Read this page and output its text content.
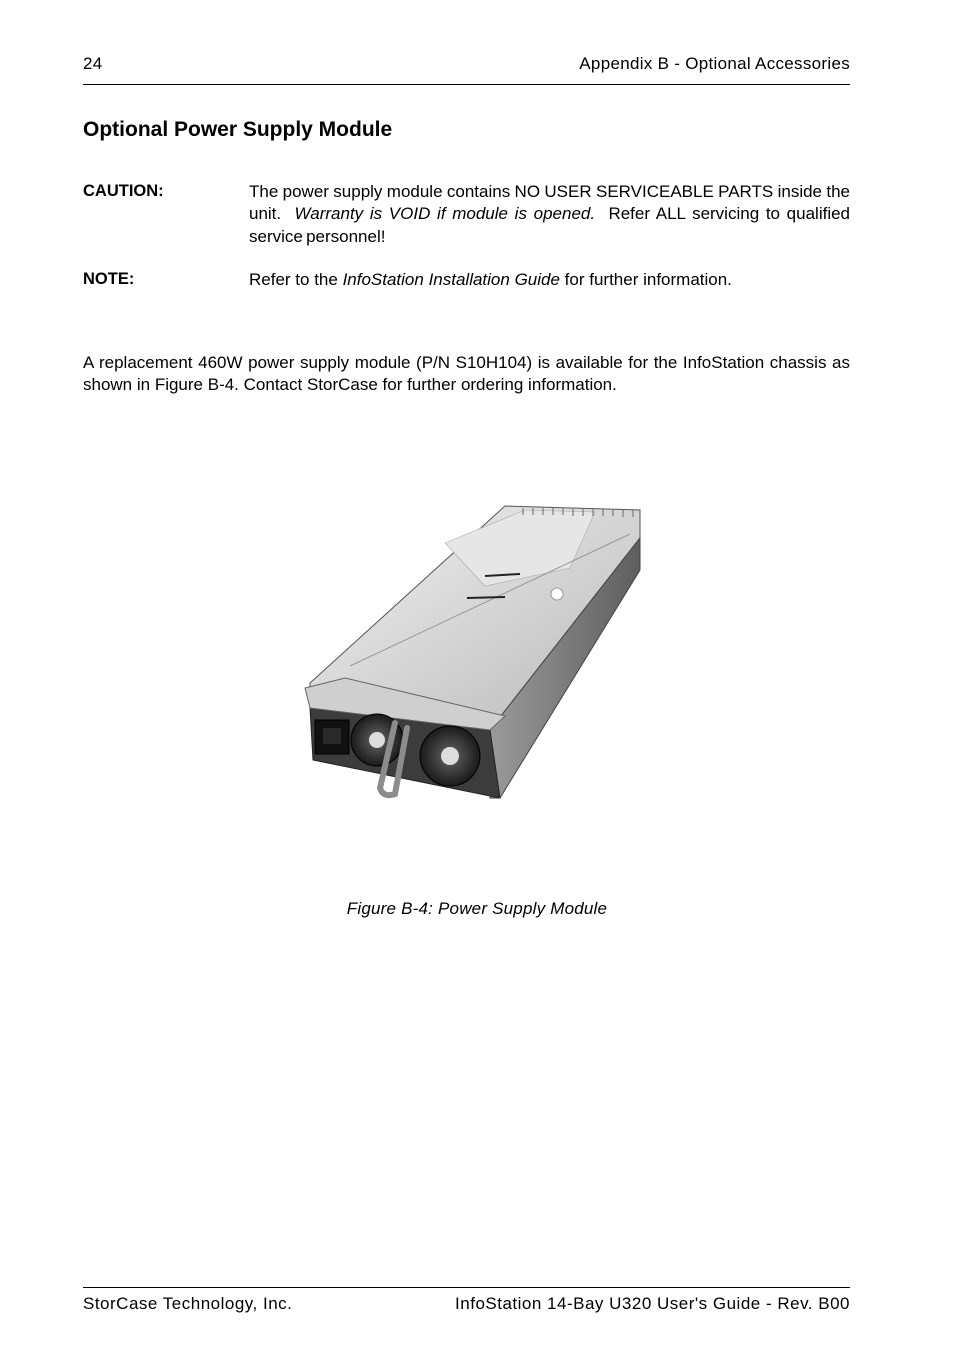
24	Appendix B - Optional Accessories
Optional Power Supply Module
CAUTION:	The power supply module contains NO USER SERVICEABLE PARTS inside the unit. Warranty is VOID if module is opened. Refer ALL servicing to qualified service personnel!
NOTE:	Refer to the InfoStation Installation Guide for further information.
A replacement 460W power supply module (P/N S10H104) is available for the InfoStation chassis as shown in Figure B-4. Contact StorCase for further ordering information.
Figure B-4: Power Supply Module
StorCase Technology, Inc.	InfoStation 14-Bay U320 User's Guide - Rev. B00
